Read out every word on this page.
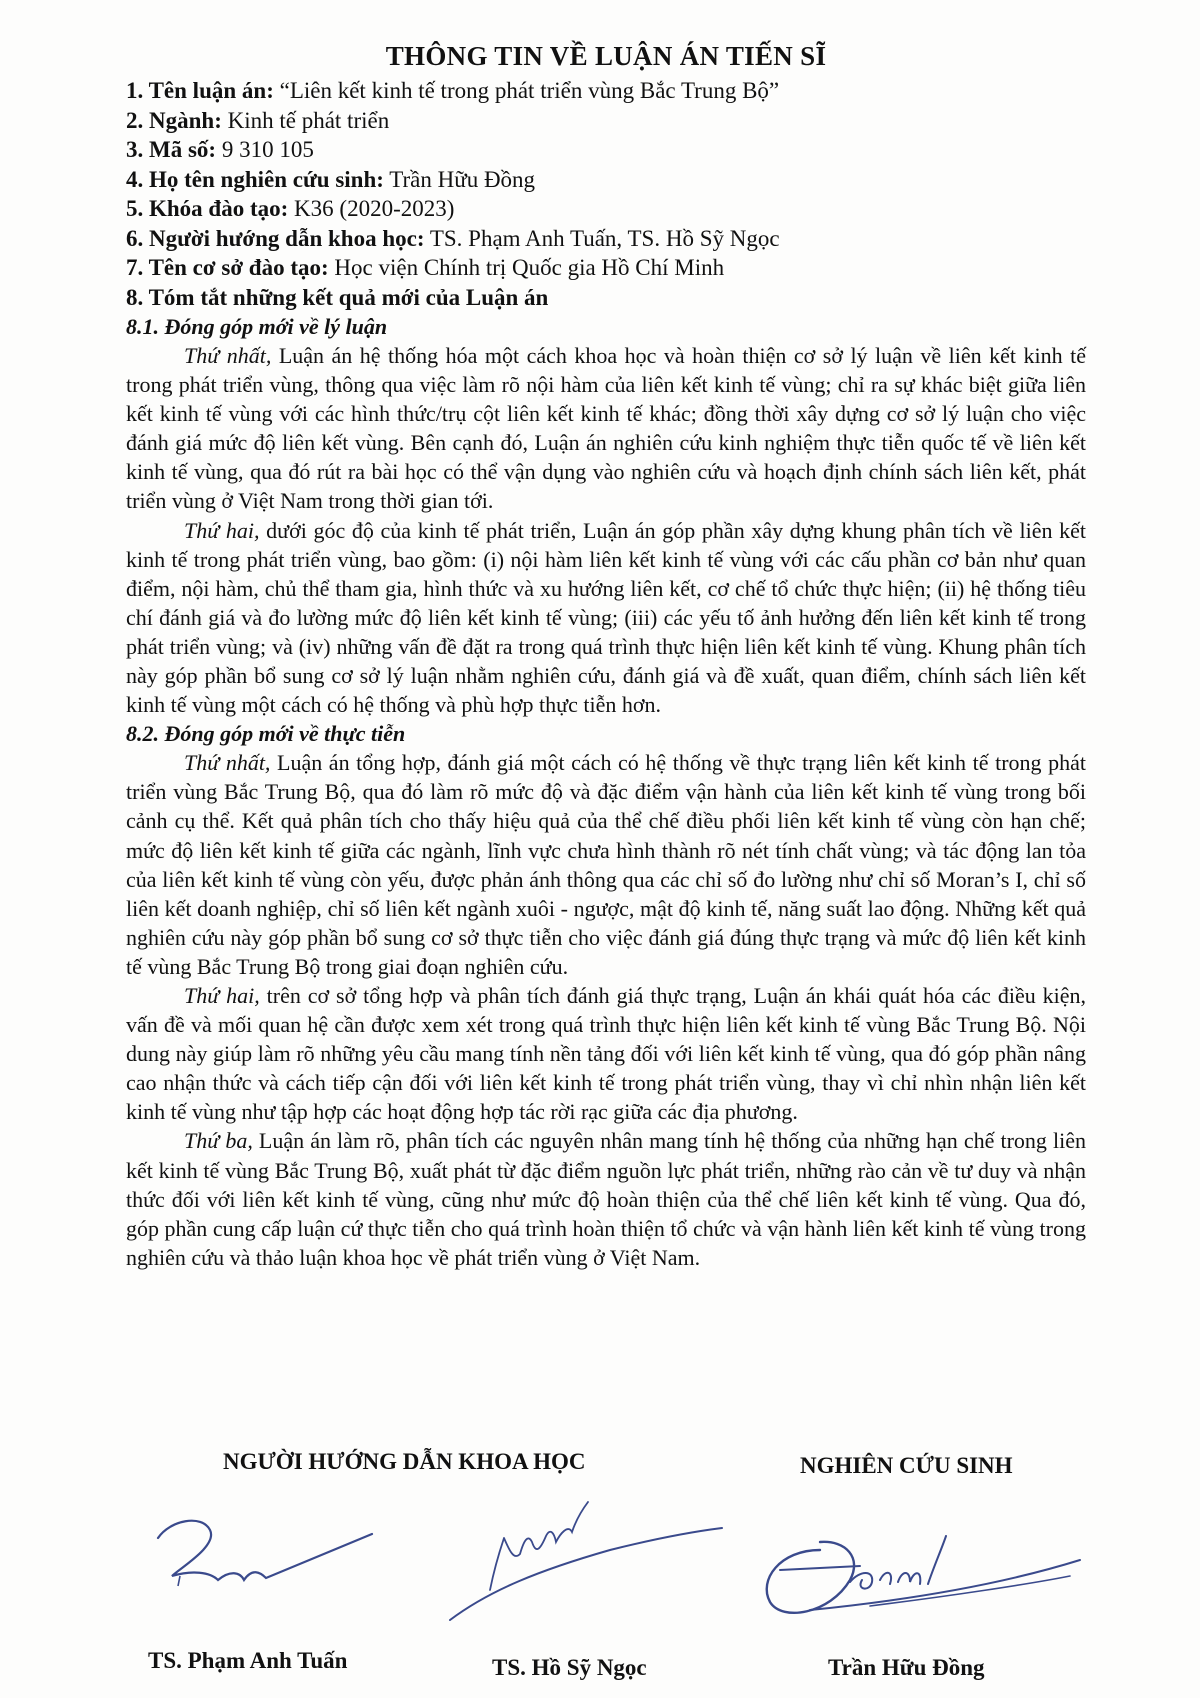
THÔNG TIN VỀ LUẬN ÁN TIẾN SĨ

1. Tên luận án: “Liên kết kinh tế trong phát triển vùng Bắc Trung Bộ”

2. Ngành: Kinh tế phát triển

3. Mã số: 9 310 105

4. Họ tên nghiên cứu sinh: Trần Hữu Đồng

5. Khóa đào tạo: K36 (2020-2023)

6. Người hướng dẫn khoa học: TS. Phạm Anh Tuấn, TS. Hồ Sỹ Ngọc

7. Tên cơ sở đào tạo: Học viện Chính trị Quốc gia Hồ Chí Minh

8. Tóm tắt những kết quả mới của Luận án

8.1. Đóng góp mới về lý luận

Thứ nhất, Luận án hệ thống hóa một cách khoa học và hoàn thiện cơ sở lý luận về liên kết kinh tế trong phát triển vùng, thông qua việc làm rõ nội hàm của liên kết kinh tế vùng; chỉ ra sự khác biệt giữa liên kết kinh tế vùng với các hình thức/trụ cột liên kết kinh tế khác; đồng thời xây dựng cơ sở lý luận cho việc đánh giá mức độ liên kết vùng. Bên cạnh đó, Luận án nghiên cứu kinh nghiệm thực tiễn quốc tế về liên kết kinh tế vùng, qua đó rút ra bài học có thể vận dụng vào nghiên cứu và hoạch định chính sách liên kết, phát triển vùng ở Việt Nam trong thời gian tới.

Thứ hai, dưới góc độ của kinh tế phát triển, Luận án góp phần xây dựng khung phân tích về liên kết kinh tế trong phát triển vùng, bao gồm: (i) nội hàm liên kết kinh tế vùng với các cấu phần cơ bản như quan điểm, nội hàm, chủ thể tham gia, hình thức và xu hướng liên kết, cơ chế tổ chức thực hiện; (ii) hệ thống tiêu chí đánh giá và đo lường mức độ liên kết kinh tế vùng; (iii) các yếu tố ảnh hưởng đến liên kết kinh tế trong phát triển vùng; và (iv) những vấn đề đặt ra trong quá trình thực hiện liên kết kinh tế vùng. Khung phân tích này góp phần bổ sung cơ sở lý luận nhằm nghiên cứu, đánh giá và đề xuất, quan điểm, chính sách liên kết kinh tế vùng một cách có hệ thống và phù hợp thực tiễn hơn.

8.2. Đóng góp mới về thực tiễn

Thứ nhất, Luận án tổng hợp, đánh giá một cách có hệ thống về thực trạng liên kết kinh tế trong phát triển vùng Bắc Trung Bộ, qua đó làm rõ mức độ và đặc điểm vận hành của liên kết kinh tế vùng trong bối cảnh cụ thể. Kết quả phân tích cho thấy hiệu quả của thể chế điều phối liên kết kinh tế vùng còn hạn chế; mức độ liên kết kinh tế giữa các ngành, lĩnh vực chưa hình thành rõ nét tính chất vùng; và tác động lan tỏa của liên kết kinh tế vùng còn yếu, được phản ánh thông qua các chỉ số đo lường như chỉ số Moran’s I, chỉ số liên kết doanh nghiệp, chỉ số liên kết ngành xuôi - ngược, mật độ kinh tế, năng suất lao động. Những kết quả nghiên cứu này góp phần bổ sung cơ sở thực tiễn cho việc đánh giá đúng thực trạng và mức độ liên kết kinh tế vùng Bắc Trung Bộ trong giai đoạn nghiên cứu.

Thứ hai, trên cơ sở tổng hợp và phân tích đánh giá thực trạng, Luận án khái quát hóa các điều kiện, vấn đề và mối quan hệ cần được xem xét trong quá trình thực hiện liên kết kinh tế vùng Bắc Trung Bộ. Nội dung này giúp làm rõ những yêu cầu mang tính nền tảng đối với liên kết kinh tế vùng, qua đó góp phần nâng cao nhận thức và cách tiếp cận đối với liên kết kinh tế trong phát triển vùng, thay vì chỉ nhìn nhận liên kết kinh tế vùng như tập hợp các hoạt động hợp tác rời rạc giữa các địa phương.

Thứ ba, Luận án làm rõ, phân tích các nguyên nhân mang tính hệ thống của những hạn chế trong liên kết kinh tế vùng Bắc Trung Bộ, xuất phát từ đặc điểm nguồn lực phát triển, những rào cản về tư duy và nhận thức đối với liên kết kinh tế vùng, cũng như mức độ hoàn thiện của thể chế liên kết kinh tế vùng. Qua đó, góp phần cung cấp luận cứ thực tiễn cho quá trình hoàn thiện tổ chức và vận hành liên kết kinh tế vùng trong nghiên cứu và thảo luận khoa học về phát triển vùng ở Việt Nam.

NGƯỜI HƯỚNG DẪN KHOA HỌC	NGHIÊN CỨU SINH
TS. Phạm Anh Tuấn	TS. Hồ Sỹ Ngọc	Trần Hữu Đồng
